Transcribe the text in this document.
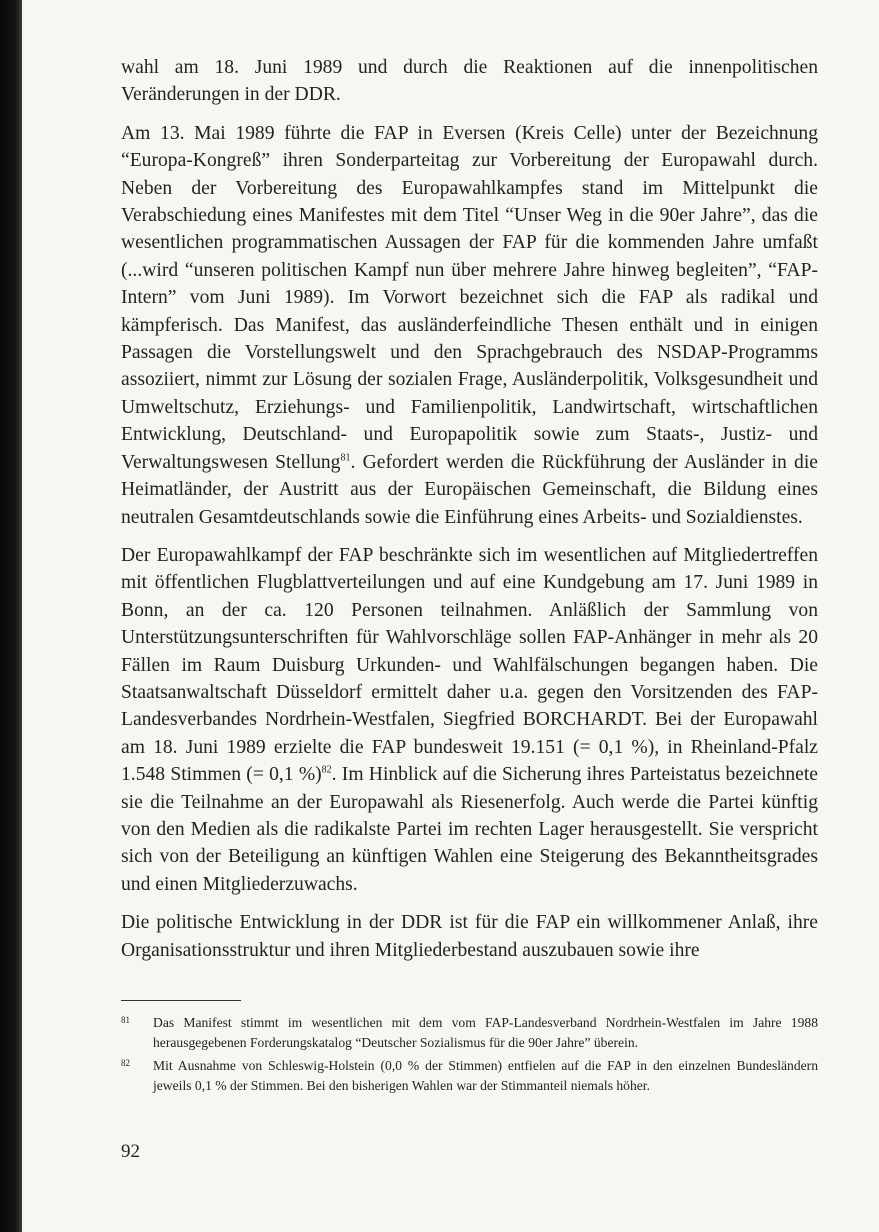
wahl am 18. Juni 1989 und durch die Reaktionen auf die innenpolitischen Veränderungen in der DDR.

Am 13. Mai 1989 führte die FAP in Eversen (Kreis Celle) unter der Bezeichnung “Europa-Kongreß” ihren Sonderparteitag zur Vorbereitung der Europawahl durch. Neben der Vorbereitung des Europawahlkampfes stand im Mittelpunkt die Verabschiedung eines Manifestes mit dem Titel “Unser Weg in die 90er Jahre”, das die wesentlichen programmatischen Aussagen der FAP für die kommenden Jahre umfaßt (...wird “unseren politischen Kampf nun über mehrere Jahre hinweg begleiten”, “FAP-Intern” vom Juni 1989). Im Vorwort bezeichnet sich die FAP als radikal und kämpferisch. Das Manifest, das ausländerfeindliche Thesen enthält und in einigen Passagen die Vorstellungswelt und den Sprachgebrauch des NSDAP-Programms assoziiert, nimmt zur Lösung der sozialen Frage, Ausländerpolitik, Volksgesundheit und Umweltschutz, Erziehungs- und Familienpolitik, Landwirtschaft, wirtschaftlichen Entwicklung, Deutschland- und Europapolitik sowie zum Staats-, Justiz- und Verwaltungswesen Stellung$^{81}$. Gefordert werden die Rückführung der Ausländer in die Heimatländer, der Austritt aus der Europäischen Gemeinschaft, die Bildung eines neutralen Gesamtdeutschlands sowie die Einführung eines Arbeits- und Sozialdienstes.

Der Europawahlkampf der FAP beschränkte sich im wesentlichen auf Mitgliedertreffen mit öffentlichen Flugblattverteilungen und auf eine Kundgebung am 17. Juni 1989 in Bonn, an der ca. 120 Personen teilnahmen. Anläßlich der Sammlung von Unterstützungsunterschriften für Wahlvorschläge sollen FAP-Anhänger in mehr als 20 Fällen im Raum Duisburg Urkunden- und Wahlfälschungen begangen haben. Die Staatsanwaltschaft Düsseldorf ermittelt daher u.a. gegen den Vorsitzenden des FAP-Landesverbandes Nordrhein-Westfalen, Siegfried BORCHARDT. Bei der Europawahl am 18. Juni 1989 erzielte die FAP bundesweit 19.151 (= 0,1 %), in Rheinland-Pfalz 1.548 Stimmen (= 0,1 %)$^{82}$. Im Hinblick auf die Sicherung ihres Parteistatus bezeichnete sie die Teilnahme an der Europawahl als Riesenerfolg. Auch werde die Partei künftig von den Medien als die radikalste Partei im rechten Lager herausgestellt. Sie verspricht sich von der Beteiligung an künftigen Wahlen eine Steigerung des Bekanntheitsgrades und einen Mitgliederzuwachs.

Die politische Entwicklung in der DDR ist für die FAP ein willkommener Anlaß, ihre Organisationsstruktur und ihren Mitgliederbestand auszubauen sowie ihre

81	Das Manifest stimmt im wesentlichen mit dem vom FAP-Landesverband Nordrhein-Westfalen im Jahre 1988 herausgegebenen Forderungskatalog “Deutscher Sozialismus für die 90er Jahre” überein.
82	Mit Ausnahme von Schleswig-Holstein (0,0 % der Stimmen) entfielen auf die FAP in den einzelnen Bundesländern jeweils 0,1 % der Stimmen. Bei den bisherigen Wahlen war der Stimmanteil niemals höher.
92
